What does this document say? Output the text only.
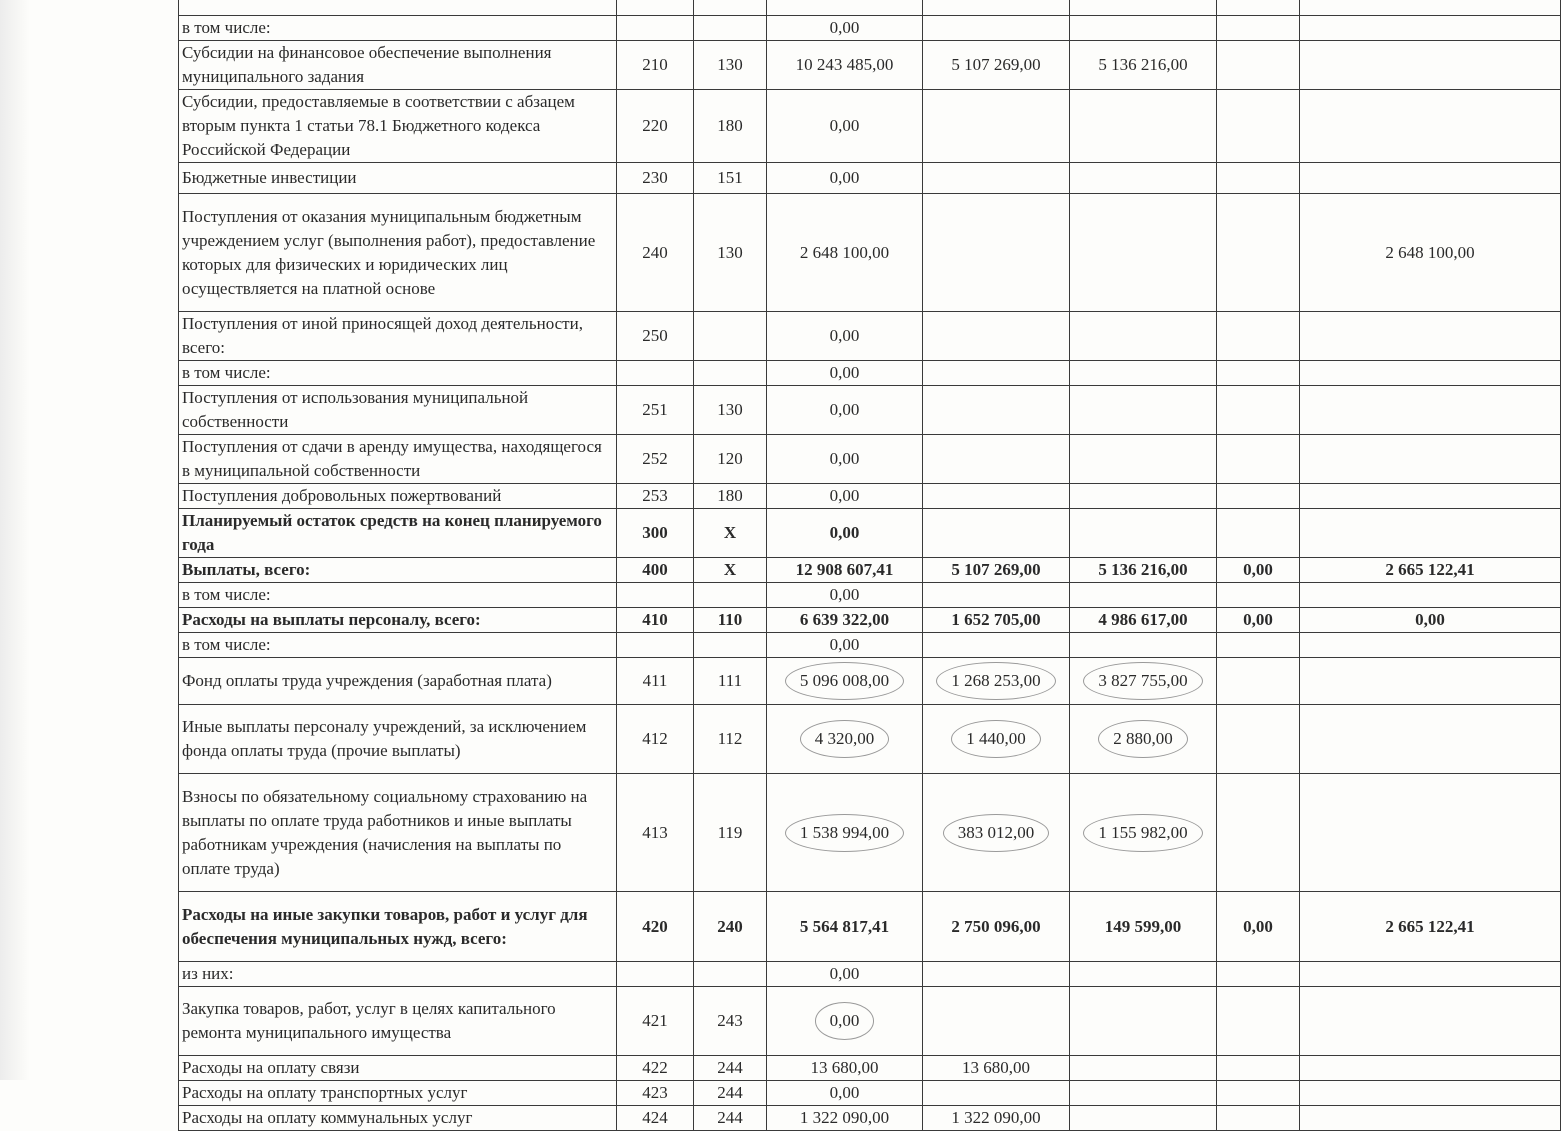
в том числе:			0,00				
Субсидии на финансовое обеспечение выполнения муниципального задания	210	130	10 243 485,00	5 107 269,00	5 136 216,00		
Субсидии, предоставляемые в соответствии с абзацем вторым пункта 1 статьи 78.1 Бюджетного кодекса Российской Федерации	220	180	0,00				
Бюджетные инвестиции	230	151	0,00				
Поступления от оказания муниципальным бюджетным учреждением услуг (выполнения работ), предоставление которых для физических и юридических лиц осуществляется на платной основе	240	130	2 648 100,00				2 648 100,00
Поступления от иной приносящей доход деятельности, всего:	250		0,00				
в том числе:			0,00				
Поступления от использования муниципальной собственности	251	130	0,00				
Поступления от сдачи в аренду имущества, находящегося в муниципальной собственности	252	120	0,00				
Поступления добровольных пожертвований	253	180	0,00				
Планируемый остаток средств на конец планируемого года	300	Х	0,00				
Выплаты, всего:	400	Х	12 908 607,41	5 107 269,00	5 136 216,00	0,00	2 665 122,41
в том числе:			0,00				
Расходы на выплаты персоналу, всего:	410	110	6 639 322,00	1 652 705,00	4 986 617,00	0,00	0,00
в том числе:			0,00				
Фонд оплаты труда учреждения (заработная плата)	411	111	5 096 008,00	1 268 253,00	3 827 755,00		
Иные выплаты персоналу учреждений, за исключением фонда оплаты труда (прочие выплаты)	412	112	4 320,00	1 440,00	2 880,00		
Взносы по обязательному социальному страхованию на выплаты по оплате труда работников и иные выплаты работникам учреждения (начисления на выплаты по оплате труда)	413	119	1 538 994,00	383 012,00	1 155 982,00		
Расходы на иные закупки товаров, работ и услуг для обеспечения муниципальных нужд, всего:	420	240	5 564 817,41	2 750 096,00	149 599,00	0,00	2 665 122,41
из них:			0,00				
Закупка товаров, работ, услуг в целях капитального ремонта муниципального имущества	421	243	0,00				
Расходы на оплату связи	422	244	13 680,00	13 680,00			
Расходы на оплату транспортных услуг	423	244	0,00				
Расходы на оплату коммунальных услуг	424	244	1 322 090,00	1 322 090,00			
